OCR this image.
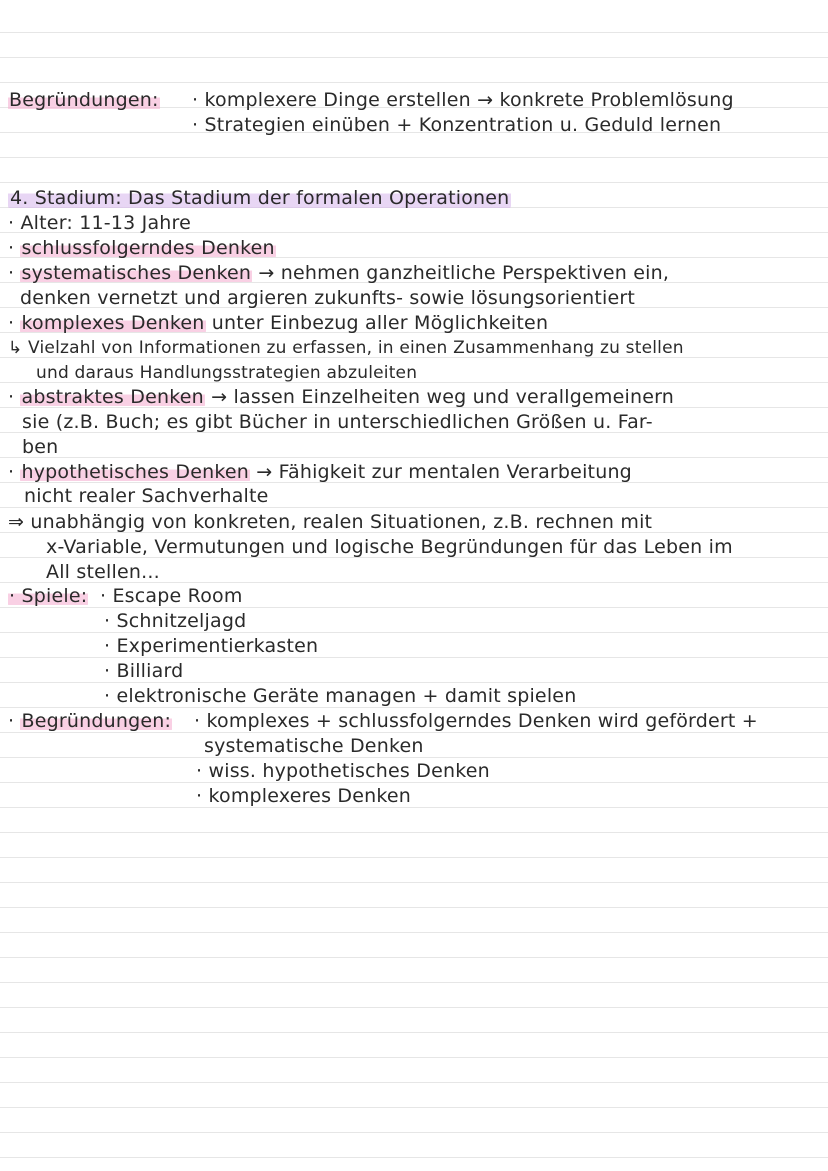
Begründungen: · komplexere Dinge erstellen → konkrete Problemlösung
· Strategien einüben + Konzentration u. Geduld lernen
4. Stadium: Das Stadium der formalen Operationen
· Alter: 11-13 Jahre
· schlussfolgerndes Denken
· systematisches Denken → nehmen ganzheitliche Perspektiven ein,
denken vernetzt und argieren zukunfts- sowie lösungsorientiert
· komplexes Denken unter Einbezug aller Möglichkeiten
↳ Vielzahl von Informationen zu erfassen, in einen Zusammenhang zu stellen
und daraus Handlungsstrategien abzuleiten
· abstraktes Denken → lassen Einzelheiten weg und verallgemeinern
sie (z.B. Buch; es gibt Bücher in unterschiedlichen Größen u. Far-
ben
· hypothetisches Denken → Fähigkeit zur mentalen Verarbeitung
nicht realer Sachverhalte
⇒ unabhängig von konkreten, realen Situationen, z.B. rechnen mit
x-Variable, Vermutungen und logische Begründungen für das Leben im
All stellen...
· Spiele: · Escape Room
· Schnitzeljagd
· Experimentierkasten
· Billiard
· elektronische Geräte managen + damit spielen
· Begründungen: · komplexes + schlussfolgerndes Denken wird gefördert +
systematische Denken
· wiss. hypothetisches Denken
· komplexeres Denken
